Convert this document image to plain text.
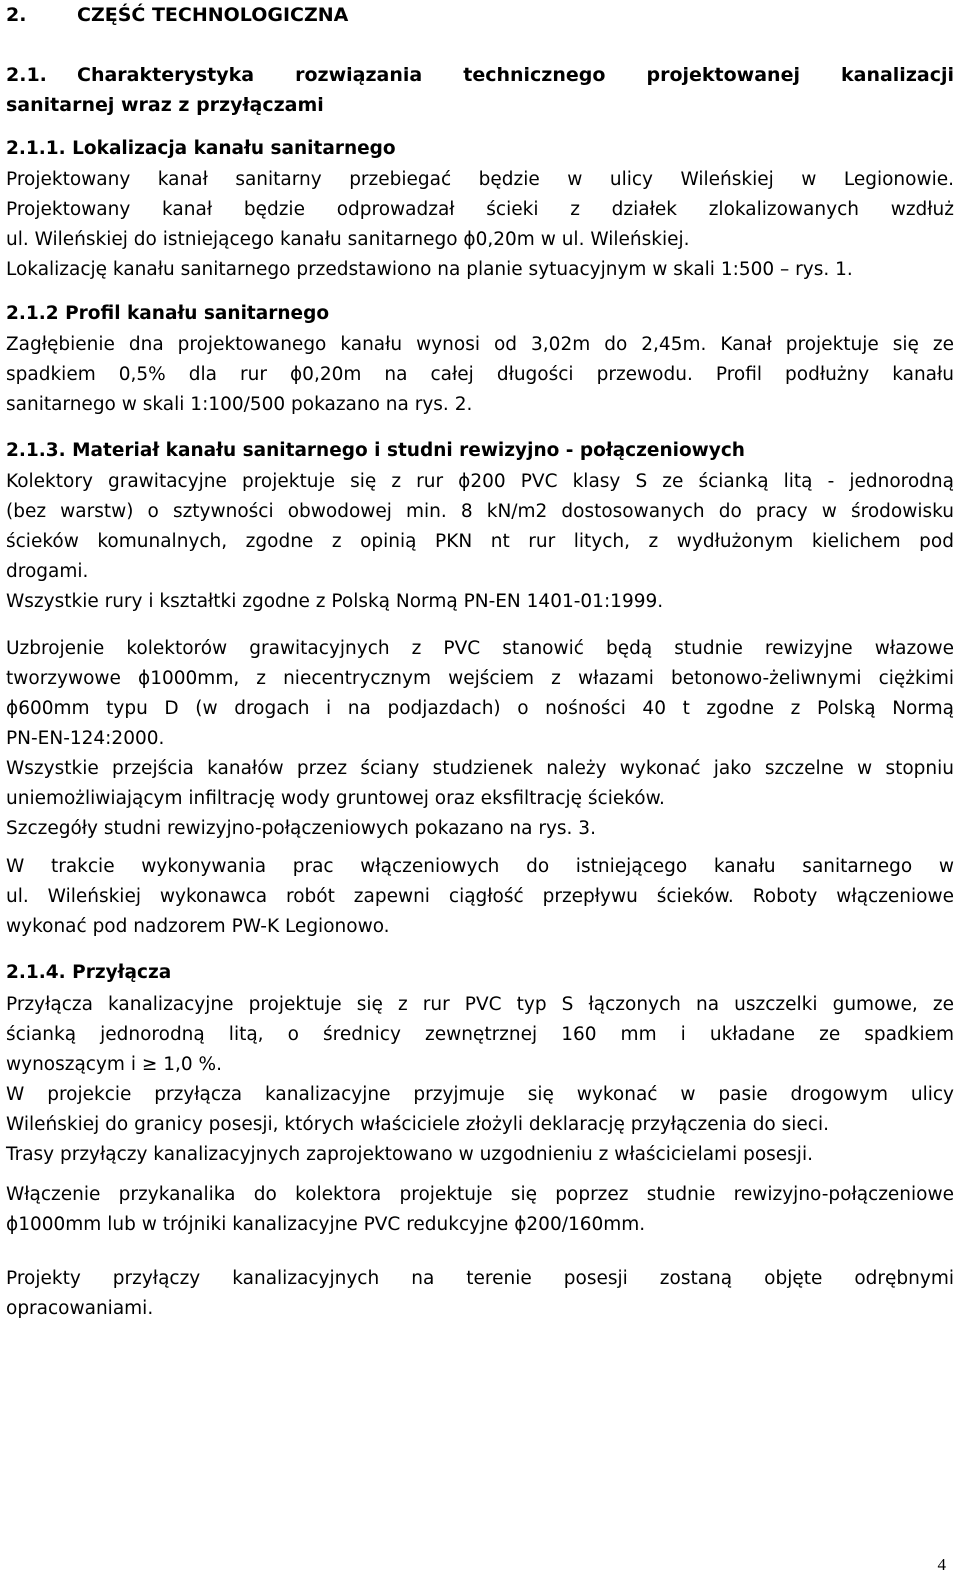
2.	CZĘŚĆ TECHNOLOGICZNA
2.1. Charakterystyka rozwiązania technicznego projektowanej kanalizacji
sanitarnej wraz z przyłączami
2.1.1. Lokalizacja kanału sanitarnego
Projektowany kanał sanitarny przebiegać będzie w ulicy Wileńskiej w Legionowie.
Projektowany kanał będzie odprowadzał ścieki z działek zlokalizowanych wzdłuż
ul. Wileńskiej do istniejącego kanału sanitarnego ϕ0,20m w ul. Wileńskiej.
Lokalizację kanału sanitarnego przedstawiono na planie sytuacyjnym w skali 1:500 – rys. 1.
2.1.2 Profil kanału sanitarnego
Zagłębienie dna projektowanego kanału wynosi od 3,02m do 2,45m. Kanał projektuje się ze
spadkiem 0,5% dla rur ϕ0,20m na całej długości przewodu. Profil podłużny kanału
sanitarnego w skali 1:100/500 pokazano na rys. 2.
2.1.3. Materiał kanału sanitarnego i studni rewizyjno - połączeniowych
Kolektory grawitacyjne projektuje się z rur ϕ200 PVC klasy S ze ścianką litą - jednorodną
(bez warstw) o sztywności obwodowej min. 8 kN/m2 dostosowanych do pracy w środowisku
ścieków komunalnych, zgodne z opinią PKN nt rur litych, z wydłużonym kielichem pod
drogami.
Wszystkie rury i kształtki zgodne z Polską Normą PN-EN 1401-01:1999.
Uzbrojenie kolektorów grawitacyjnych z PVC stanowić będą studnie rewizyjne włazowe
tworzywowe ϕ1000mm, z niecentrycznym wejściem z włazami betonowo-żeliwnymi ciężkimi
ϕ600mm typu D (w drogach i na podjazdach) o nośności 40 t zgodne z Polską Normą
PN-EN-124:2000.
Wszystkie przejścia kanałów przez ściany studzienek należy wykonać jako szczelne w stopniu
uniemożliwiającym infiltrację wody gruntowej oraz eksfiltrację ścieków.
Szczegóły studni rewizyjno-połączeniowych pokazano na rys. 3.
W trakcie wykonywania prac włączeniowych do istniejącego kanału sanitarnego w
ul. Wileńskiej wykonawca robót zapewni ciągłość przepływu ścieków. Roboty włączeniowe
wykonać pod nadzorem PW-K Legionowo.
2.1.4. Przyłącza
Przyłącza kanalizacyjne projektuje się z rur PVC typ S łączonych na uszczelki gumowe, ze
ścianką jednorodną litą, o średnicy zewnętrznej 160 mm i układane ze spadkiem
wynoszącym i ≥ 1,0 %.
W projekcie przyłącza kanalizacyjne przyjmuje się wykonać w pasie drogowym ulicy
Wileńskiej do granicy posesji, których właściciele złożyli deklarację przyłączenia do sieci.
Trasy przyłączy kanalizacyjnych zaprojektowano w uzgodnieniu z właścicielami posesji.
Włączenie przykanalika do kolektora projektuje się poprzez studnie rewizyjno-połączeniowe
ϕ1000mm lub w trójniki kanalizacyjne PVC redukcyjne ϕ200/160mm.
Projekty przyłączy kanalizacyjnych na terenie posesji zostaną objęte odrębnymi
opracowaniami.
4
